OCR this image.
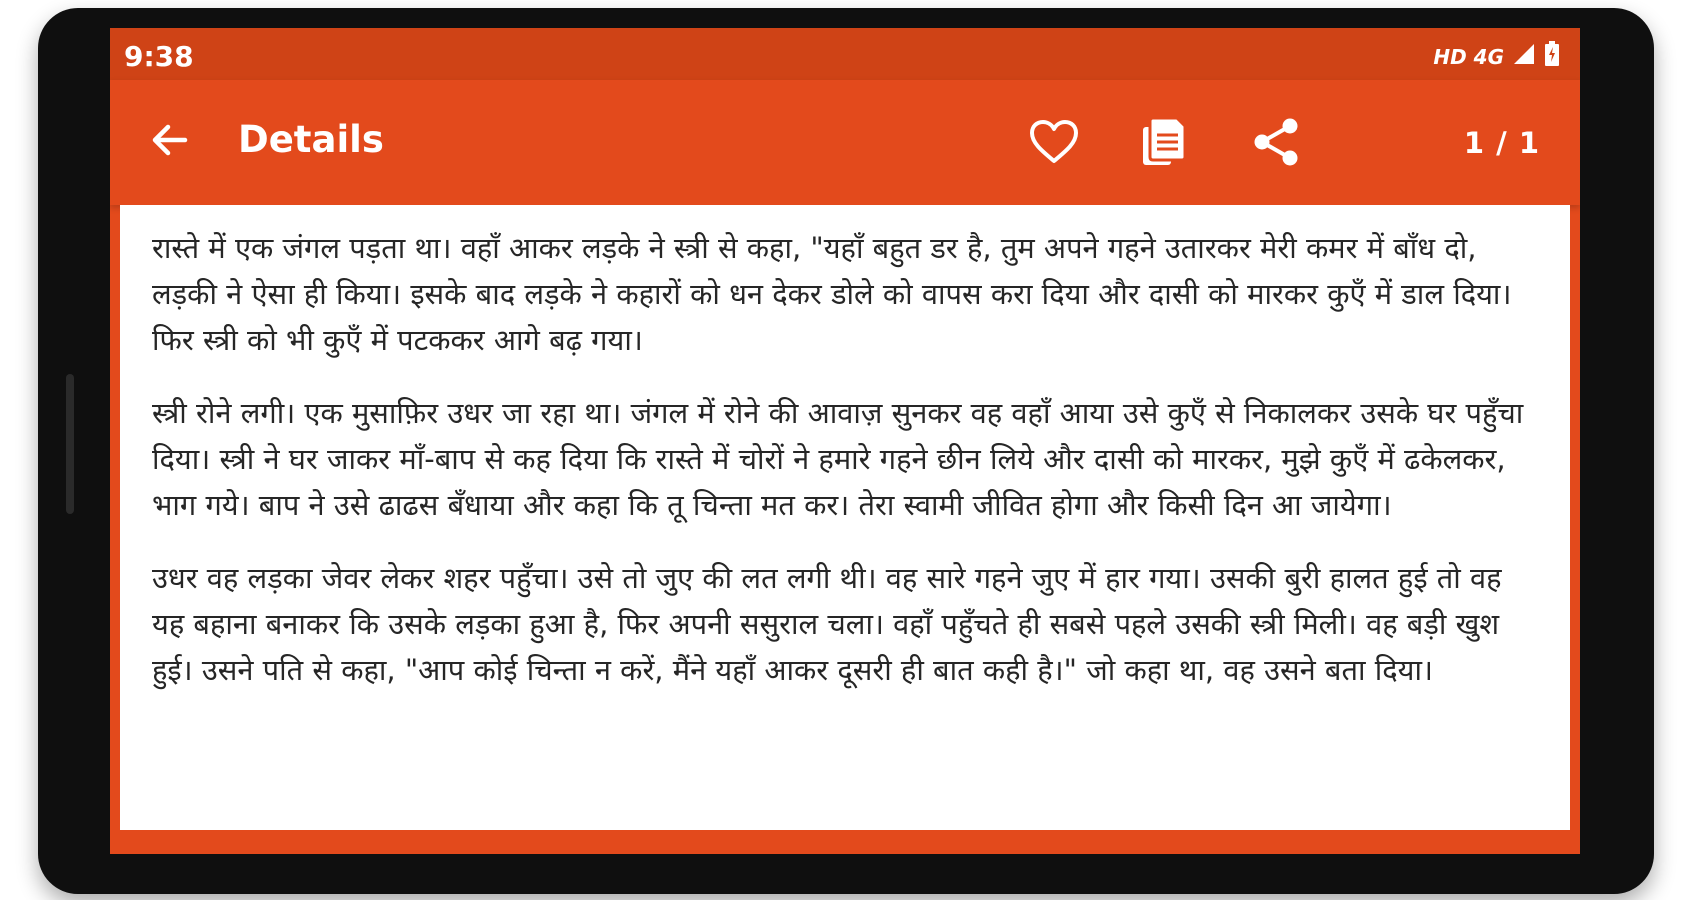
9:38	HD 4G
Details	1 / 1

रास्ते में एक जंगल पड़ता था। वहाँ आकर लड़के ने स्त्री से कहा, "यहाँ बहुत डर है, तुम अपने गहने उतारकर मेरी कमर में बाँध दो, लड़की ने ऐसा ही किया। इसके बाद लड़के ने कहारों को धन देकर डोले को वापस करा दिया और दासी को मारकर कुएँ में डाल दिया। फिर स्त्री को भी कुएँ में पटककर आगे बढ़ गया।

स्त्री रोने लगी। एक मुसाफ़िर उधर जा रहा था। जंगल में रोने की आवाज़ सुनकर वह वहाँ आया उसे कुएँ से निकालकर उसके घर पहुँचा दिया। स्त्री ने घर जाकर माँ-बाप से कह दिया कि रास्ते में चोरों ने हमारे गहने छीन लिये और दासी को मारकर, मुझे कुएँ में ढकेलकर, भाग गये। बाप ने उसे ढाढस बँधाया और कहा कि तू चिन्ता मत कर। तेरा स्वामी जीवित होगा और किसी दिन आ जायेगा।

उधर वह लड़का जेवर लेकर शहर पहुँचा। उसे तो जुए की लत लगी थी। वह सारे गहने जुए में हार गया। उसकी बुरी हालत हुई तो वह यह बहाना बनाकर कि उसके लड़का हुआ है, फिर अपनी ससुराल चला। वहाँ पहुँचते ही सबसे पहले उसकी स्त्री मिली। वह बड़ी खुश हुई। उसने पति से कहा, "आप कोई चिन्ता न करें, मैंने यहाँ आकर दूसरी ही बात कही है।" जो कहा था, वह उसने बता दिया।
